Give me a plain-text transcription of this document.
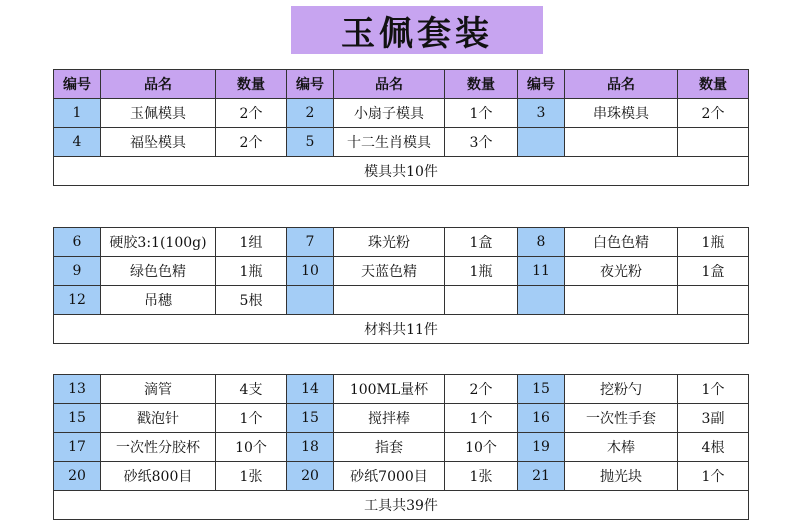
玉佩套装
编号	品名	数量	编号	品名	数量	编号	品名	数量
1	玉佩模具	2个	2	小扇子模具	1个	3	串珠模具	2个
4	福坠模具	2个	5	十二生肖模具	3个			
模具共10件								
6	硬胶3:1(100g)	1组	7	珠光粉	1盒	8	白色色精	1瓶
9	绿色色精	1瓶	10	天蓝色精	1瓶	11	夜光粉	1盒
12	吊穗	5根						
材料共11件								
13	滴管	4支	14	100ML量杯	2个	15	挖粉勺	1个
15	戳泡针	1个	15	搅拌棒	1个	16	一次性手套	3副
17	一次性分胶杯	10个	18	指套	10个	19	木棒	4根
20	砂纸800目	1张	20	砂纸7000目	1张	21	抛光块	1个
工具共39件								
